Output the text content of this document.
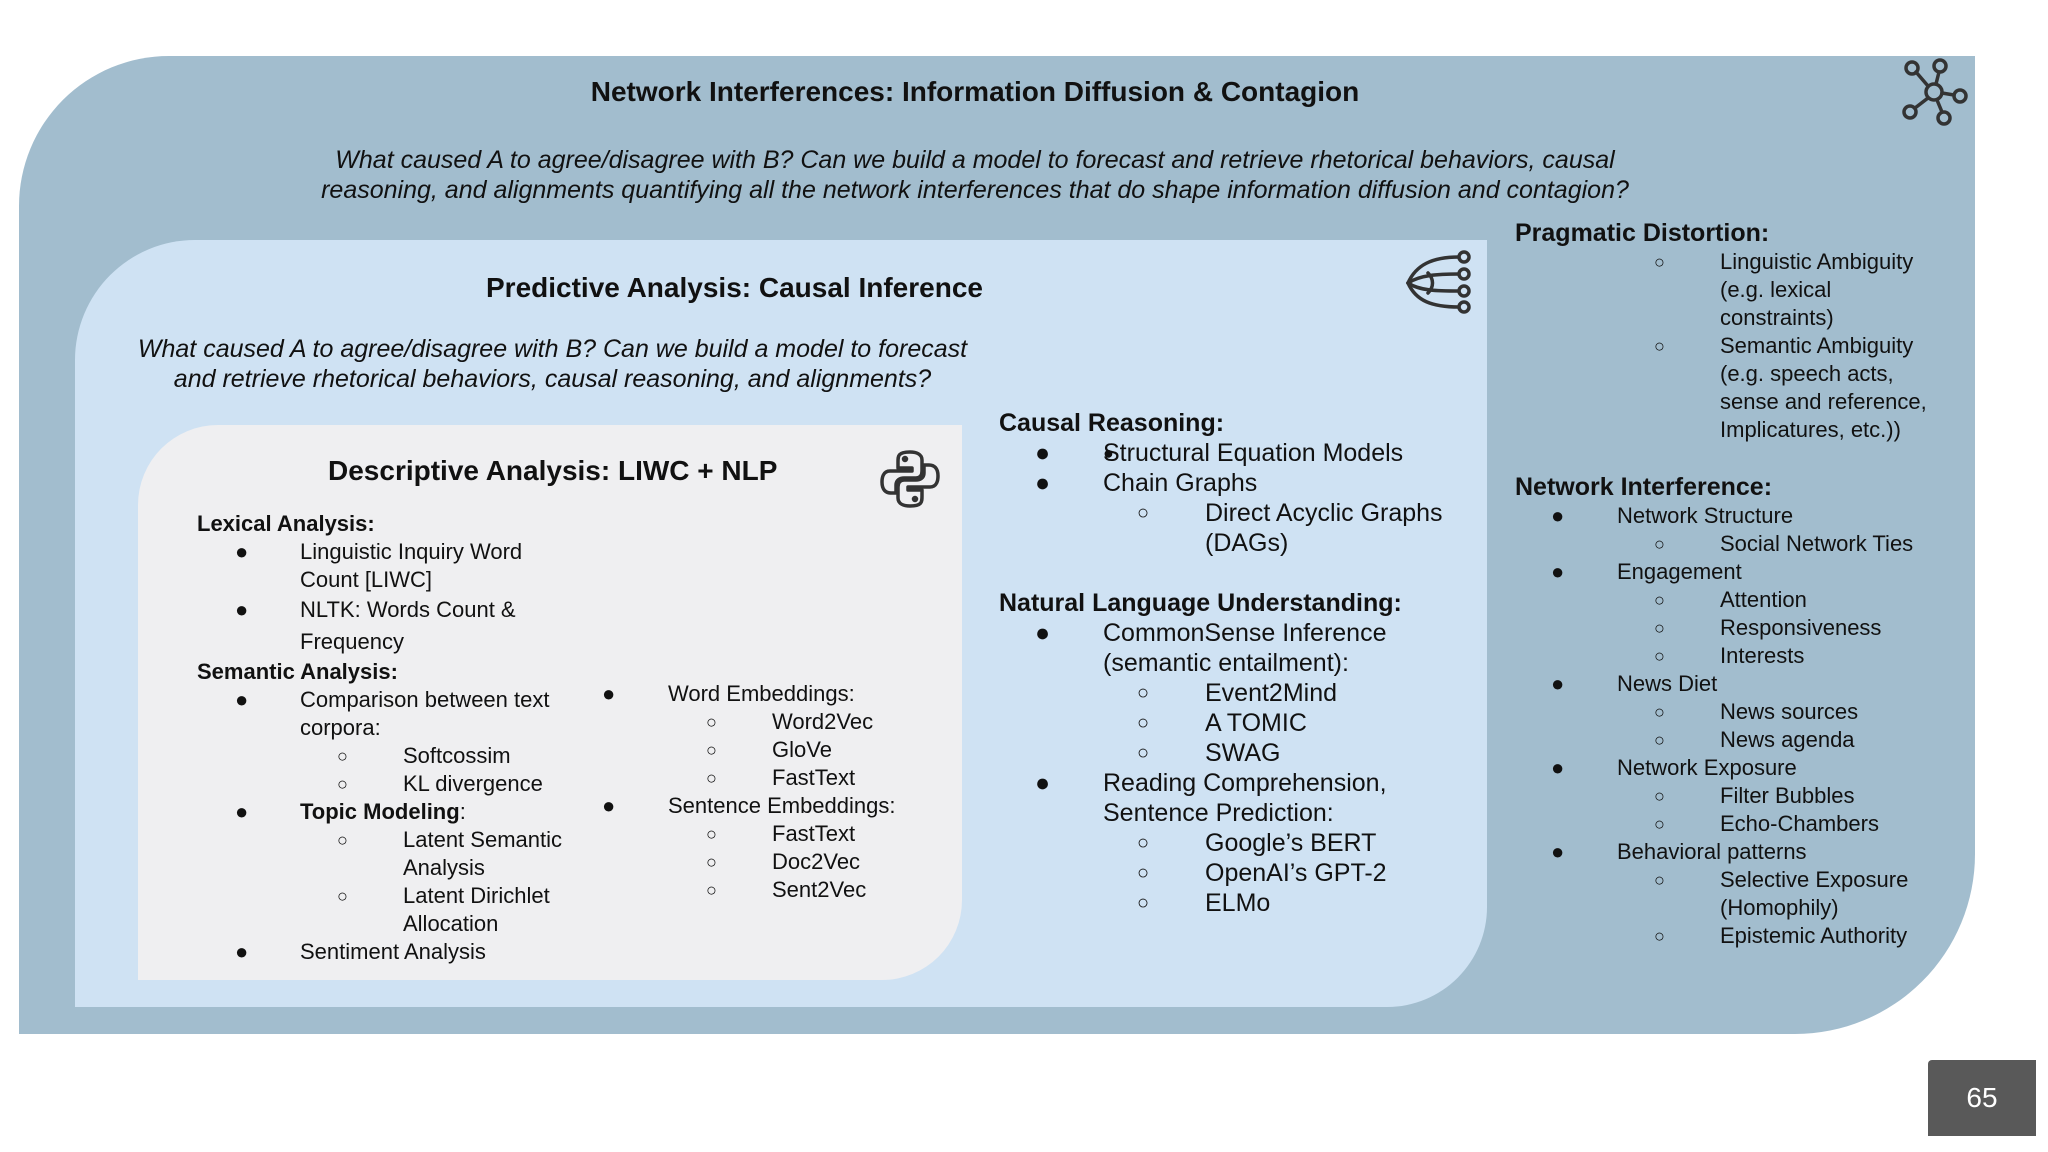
Network Interferences: Information Diffusion & Contagion
What caused A to agree/disagree with B? Can we build a model to forecast and retrieve rhetorical behaviors, causal
reasoning, and alignments quantifying all the network interferences that do shape information diffusion and contagion?
Predictive Analysis: Causal Inference
What caused A to agree/disagree with B? Can we build a model to forecast
and retrieve rhetorical behaviors, causal reasoning, and alignments?
Causal Reasoning:
● ● Structural Equation Models
● Chain Graphs
○ Direct Acyclic Graphs
(DAGs)
Natural Language Understanding:
● CommonSense Inference
(semantic entailment):
○ Event2Mind
○ A TOMIC
○ SWAG
● Reading Comprehension,
Sentence Prediction:
○ Google’s BERT
○ OpenAI’s GPT-2
○ ELMo
Descriptive Analysis: LIWC + NLP
Lexical Analysis:
● Linguistic Inquiry Word
Count [LIWC]
● NLTK: Words Count &
Frequency
Semantic Analysis:
● Comparison between text
corpora:
○	Softcossim
○	KL divergence
● Topic Modeling:
○	Latent Semantic
Analysis
○	Latent Dirichlet
Allocation
● Sentiment Analysis
● Word Embeddings:
○	Word2Vec
○	GloVe
○	FastText
● Sentence Embeddings:
○	FastText
○	Doc2Vec
○	Sent2Vec
Pragmatic Distortion:
○	Linguistic Ambiguity
(e.g. lexical
constraints)
○	Semantic Ambiguity
(e.g. speech acts,
sense and reference,
Implicatures, etc.))
Network Interference:
● Network Structure
○	Social Network Ties
● Engagement
○	Attention
○	Responsiveness
○	Interests
● News Diet
○	News sources
○	News agenda
● Network Exposure
○	Filter Bubbles
○	Echo-Chambers
● Behavioral patterns
○	Selective Exposure
(Homophily)
○	Epistemic Authority
65
